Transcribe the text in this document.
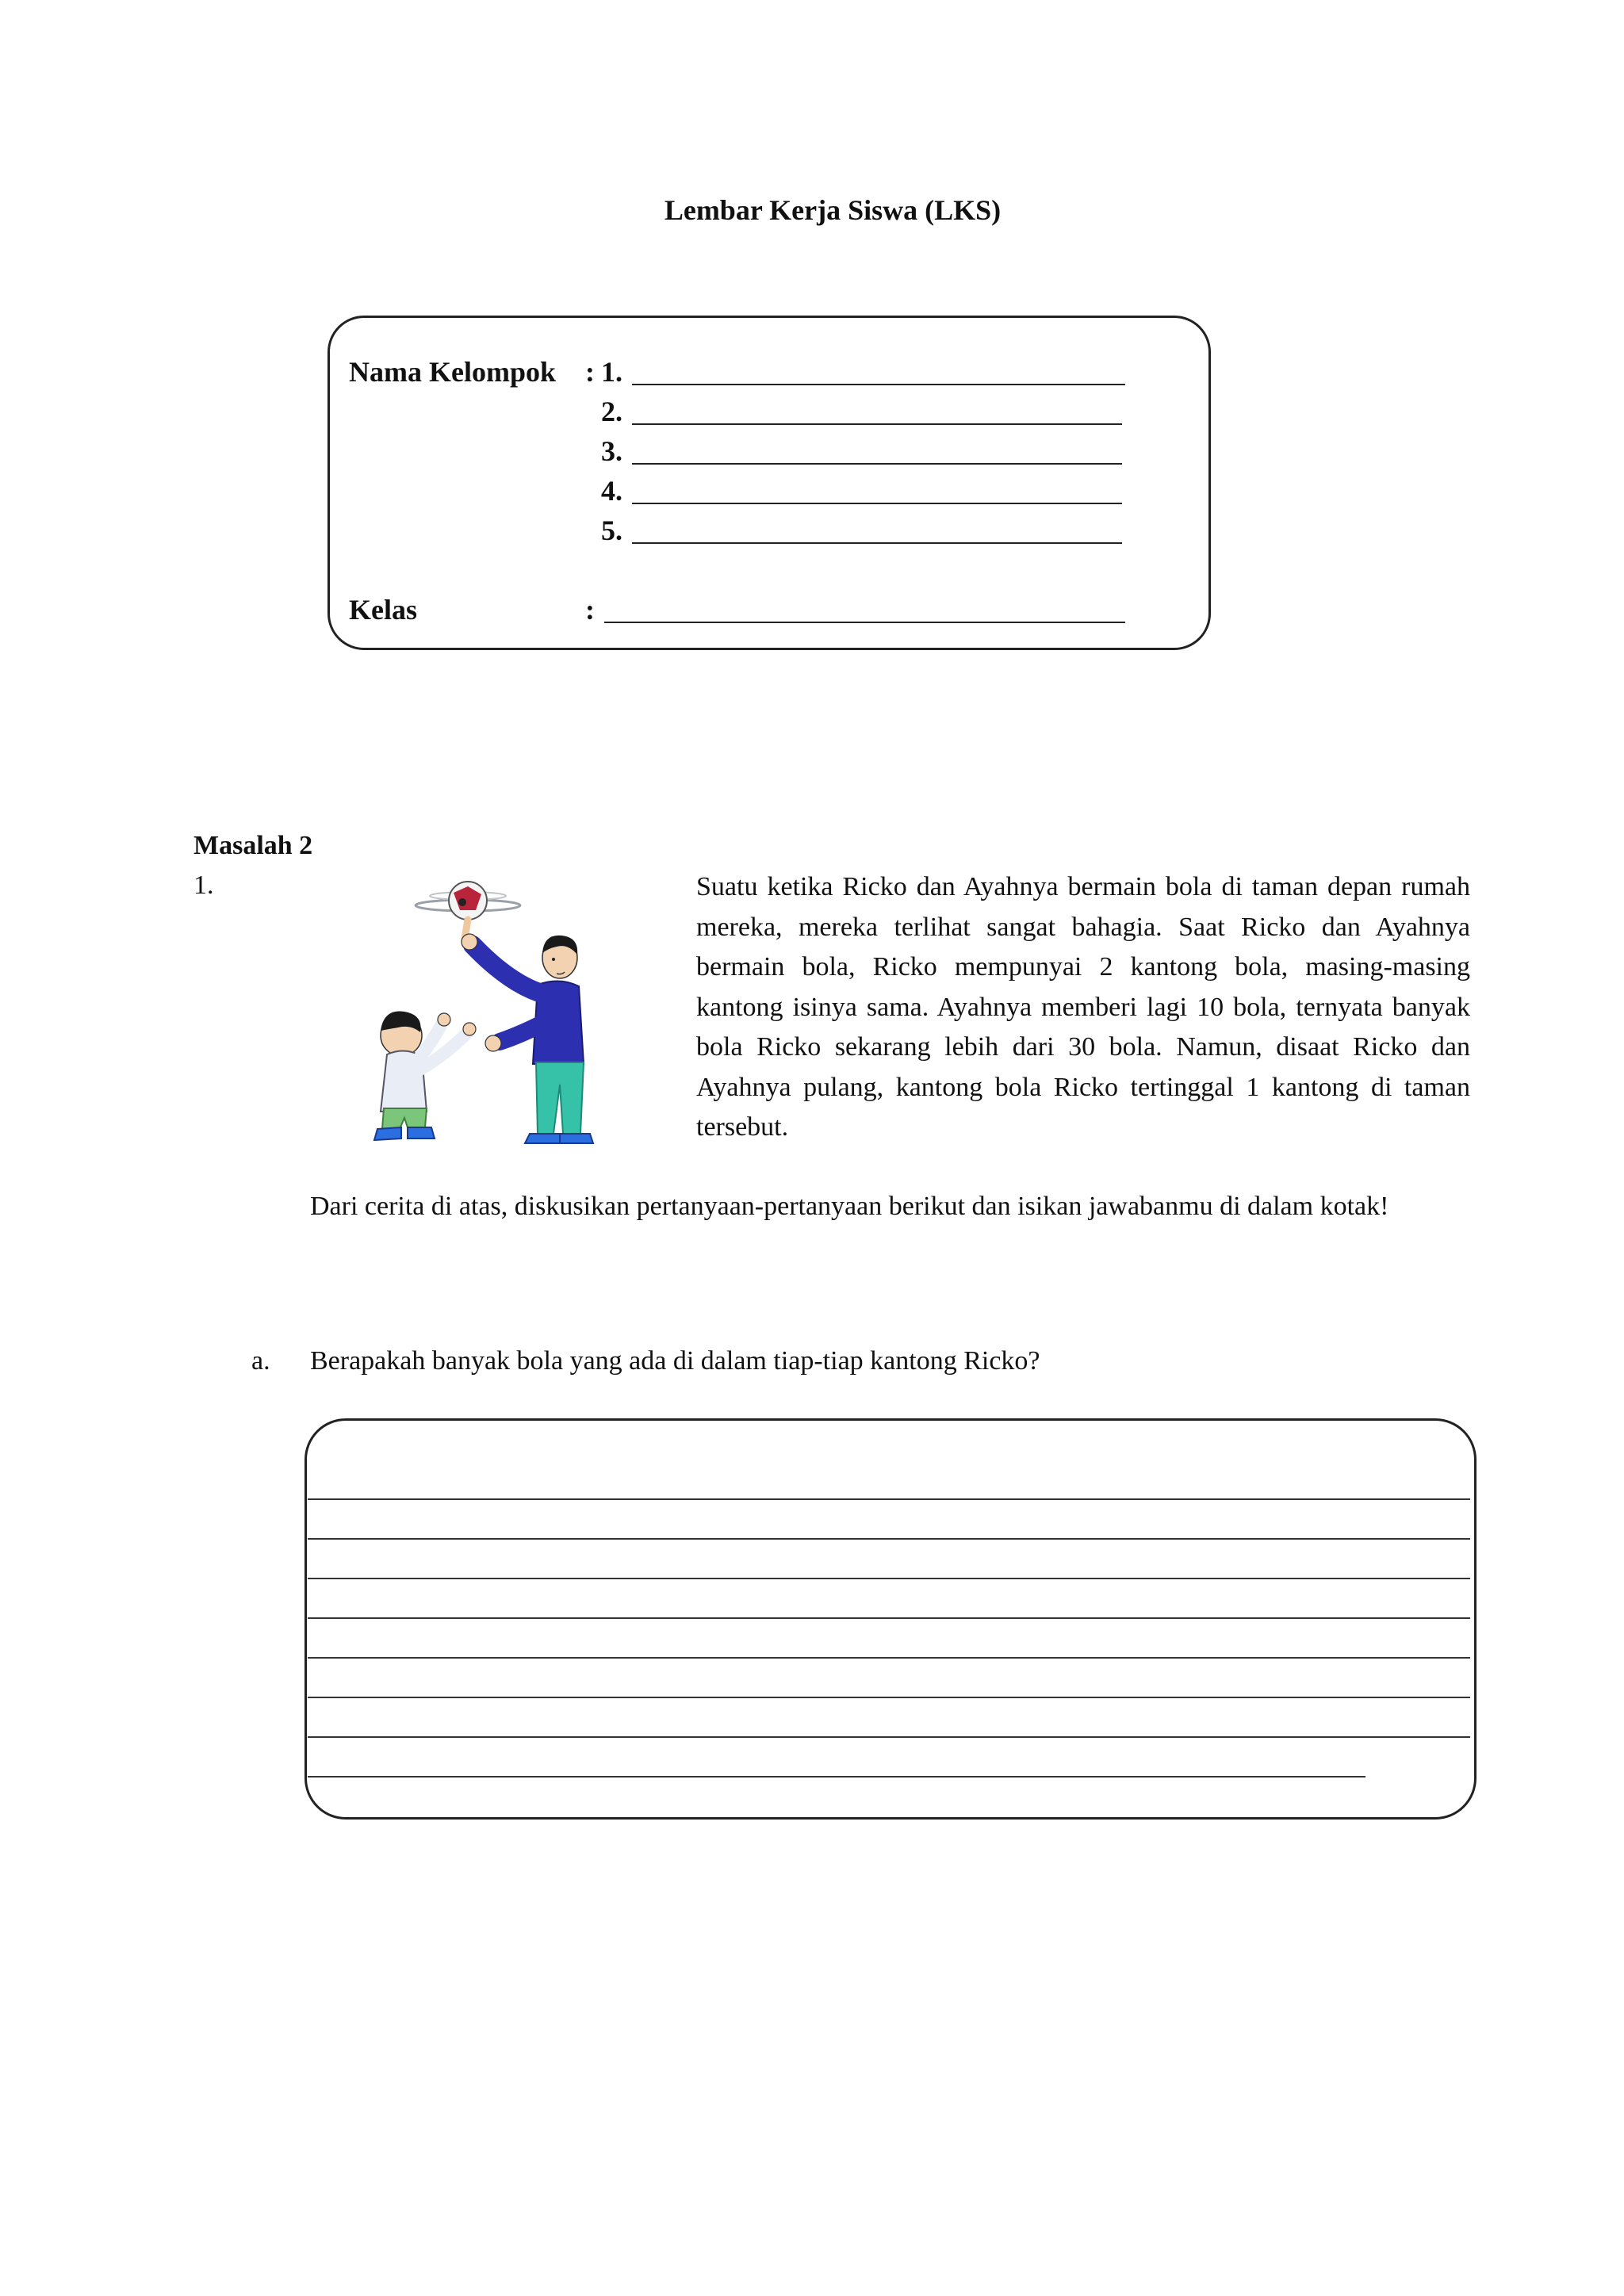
Lembar Kerja Siswa (LKS)
Nama Kelompok : 1.
2.
3.
4.
5.
Kelas	:
Masalah 2
1.	Suatu ketika Ricko dan Ayahnya bermain bola di taman depan rumah mereka, mereka terlihat sangat bahagia. Saat Ricko dan Ayahnya bermain bola, Ricko mempunyai 2 kantong bola, masing-masing kantong isinya sama. Ayahnya memberi lagi 10 bola, ternyata banyak bola Ricko sekarang lebih dari 30 bola. Namun, disaat Ricko dan Ayahnya pulang, kantong bola Ricko tertinggal 1 kantong di taman tersebut.
Dari cerita di atas, diskusikan pertanyaan-pertanyaan berikut dan isikan jawabanmu di dalam kotak!
a. Berapakah banyak bola yang ada di dalam tiap-tiap kantong Ricko?
